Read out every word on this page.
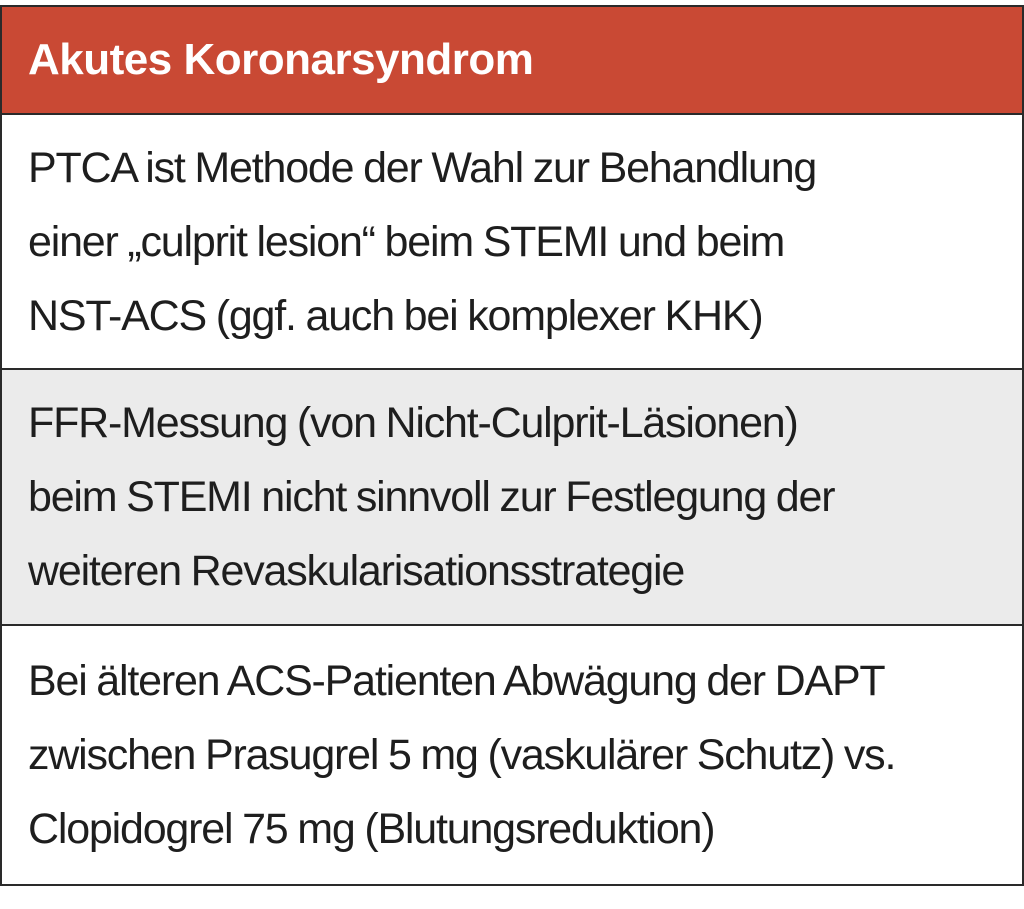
Akutes Koronarsyndrom

PTCA ist Methode der Wahl zur Behandlung
einer „culprit lesion“ beim STEMI und beim
NST-ACS (ggf. auch bei komplexer KHK)

FFR-Messung (von Nicht-Culprit-Läsionen)
beim STEMI nicht sinnvoll zur Festlegung der
weiteren Revaskularisationsstrategie

Bei älteren ACS-Patienten Abwägung der DAPT
zwischen Prasugrel 5 mg (vaskulärer Schutz) vs.
Clopidogrel 75 mg (Blutungsreduktion)
